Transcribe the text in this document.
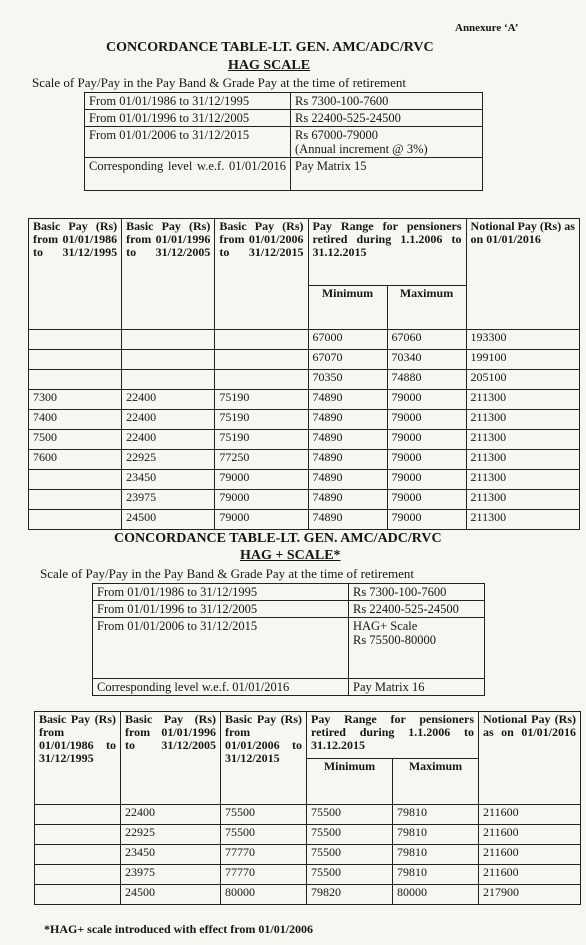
Annexure ‘A’
CONCORDANCE TABLE-LT. GEN. AMC/ADC/RVC
HAG SCALE
Scale of Pay/Pay in the Pay Band & Grade Pay at the time of retirement
From 01/01/1986 to 31/12/1995	Rs 7300-100-7600
From 01/01/1996 to 31/12/2005	Rs 22400-525-24500
From 01/01/2006 to 31/12/2015	Rs 67000-79000
(Annual increment @ 3%)

Corresponding level w.e.f. 01/01/2016	Pay Matrix 15
Basic Pay (Rs) from 01/01/1986 to 31/12/1995	Basic Pay (Rs) from 01/01/1996 to 31/12/2005	Basic Pay (Rs) from 01/01/2006 to 31/12/2015	Pay Range for pensioners retired during 1.1.2006 to 31.12.2015		Notional Pay (Rs) as on 01/01/2016
			Minimum	Maximum	
			67000	67060	193300
			67070	70340	199100
			70350	74880	205100
7300	22400	75190	74890	79000	211300
7400	22400	75190	74890	79000	211300
7500	22400	75190	74890	79000	211300
7600	22925	77250	74890	79000	211300
	23450	79000	74890	79000	211300
	23975	79000	74890	79000	211300
	24500	79000	74890	79000	211300
CONCORDANCE TABLE-LT. GEN. AMC/ADC/RVC
HAG + SCALE*
Scale of Pay/Pay in the Pay Band & Grade Pay at the time of retirement
From 01/01/1986 to 31/12/1995	Rs 7300-100-7600
From 01/01/1996 to 31/12/2005	Rs 22400-525-24500
From 01/01/2006 to 31/12/2015	HAG+ Scale
Rs 75500-80000

Corresponding level w.e.f. 01/01/2016	Pay Matrix 16
Basic Pay (Rs) from 01/01/1986 to 31/12/1995	Basic Pay (Rs) from 01/01/1996 to 31/12/2005	Basic Pay (Rs) from 01/01/2006 to 31/12/2015	Pay Range for pensioners retired during 1.1.2006 to 31.12.2015		Notional Pay (Rs) as on 01/01/2016
			Minimum	Maximum	
	22400	75500	75500	79810	211600
	22925	75500	75500	79810	211600
	23450	77770	75500	79810	211600
	23975	77770	75500	79810	211600
	24500	80000	79820	80000	217900
*HAG+ scale introduced with effect from 01/01/2006
